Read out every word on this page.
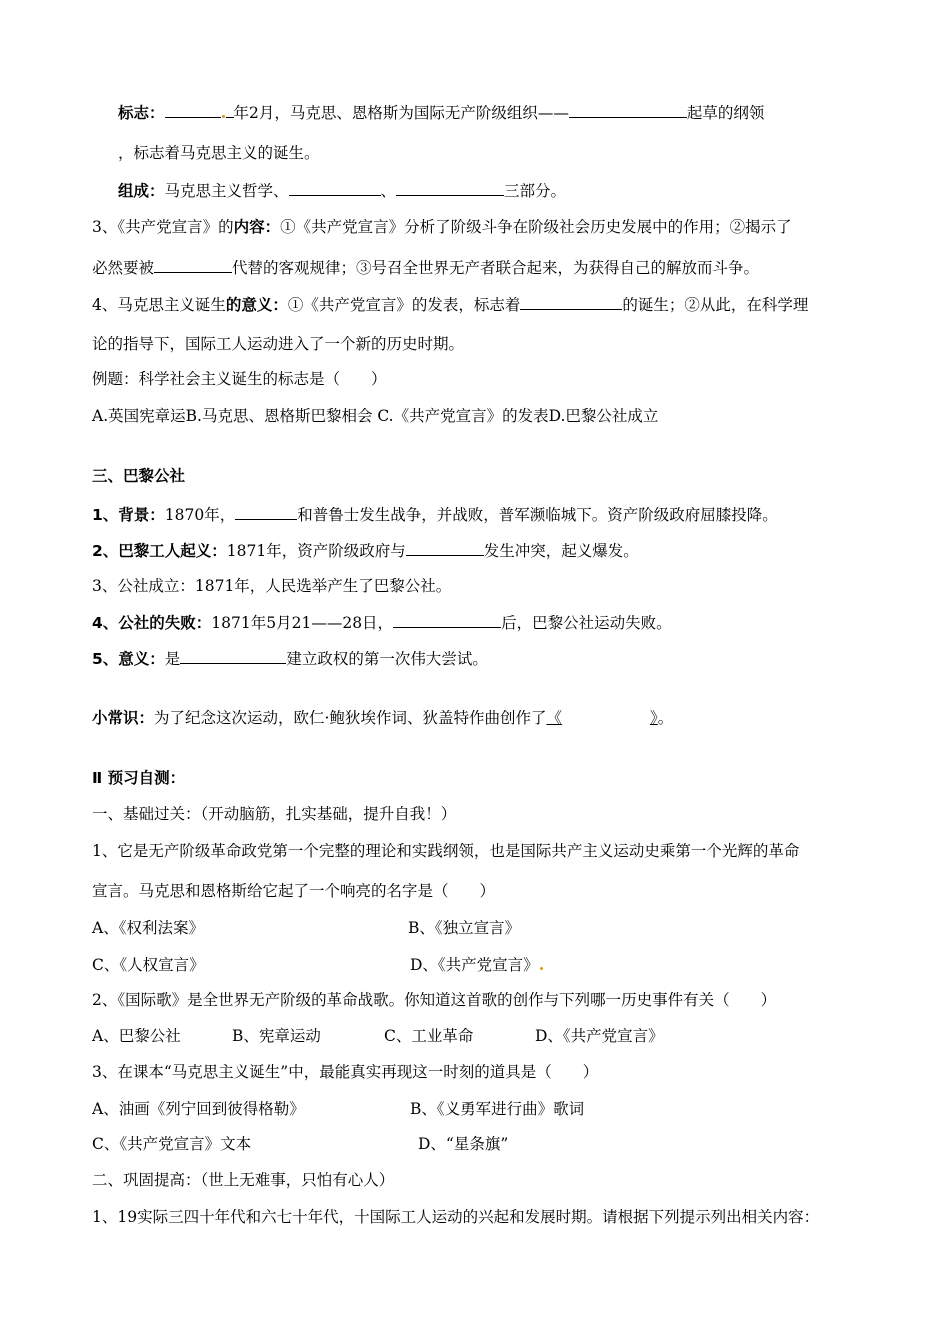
标志：	年2月，马克思、恩格斯为国际无产阶级组织——	起草的纲领
，标志着马克思主义的诞生。
组成：马克思主义哲学、	、	三部分。
3、《共产党宣言》的内容：①《共产党宣言》分析了阶级斗争在阶级社会历史发展中的作用；②揭示了
必然要被	代替的客观规律；③号召全世界无产者联合起来，为获得自己的解放而斗争。
4、马克思主义诞生的意义：①《共产党宣言》的发表，标志着	的诞生；②从此，在科学理
论的指导下，国际工人运动进入了一个新的历史时期。
例题：科学社会主义诞生的标志是（　　）
A.英国宪章运B.马克思、恩格斯巴黎相会 C.《共产党宣言》的发表D.巴黎公社成立
三、巴黎公社
1、背景：1870年，	和普鲁士发生战争，并战败，普军濒临城下。资产阶级政府屈膝投降。
2、巴黎工人起义：1871年，资产阶级政府与	发生冲突，起义爆发。
3、公社成立：1871年，人民选举产生了巴黎公社。
4、公社的失败：1871年5月21——28日，	后，巴黎公社运动失败。
5、意义：是	建立政权的第一次伟大尝试。
小常识：为了纪念这次运动，欧仁·鲍狄埃作词、狄盖特作曲创作了《	》。
Ⅱ 预习自测：
一、基础过关：（开动脑筋，扎实基础，提升自我！）
1、它是无产阶级革命政党第一个完整的理论和实践纲领，也是国际共产主义运动史乘第一个光辉的革命
宣言。马克思和恩格斯给它起了一个响亮的名字是（　　）
A、《权利法案》	B、《独立宣言》
C、《人权宣言》	D、《共产党宣言》
2、《国际歌》是全世界无产阶级的革命战歌。你知道这首歌的创作与下列哪一历史事件有关（　　）
A、巴黎公社	B、宪章运动	C、工业革命	D、《共产党宣言》
3、在课本“马克思主义诞生”中，最能真实再现这一时刻的道具是（　　）
A、油画《列宁回到彼得格勒》	B、《义勇军进行曲》歌词
C、《共产党宣言》文本	D、“星条旗”
二、巩固提高：（世上无难事，只怕有心人）
1、19实际三四十年代和六七十年代，十国际工人运动的兴起和发展时期。请根据下列提示列出相关内容：
